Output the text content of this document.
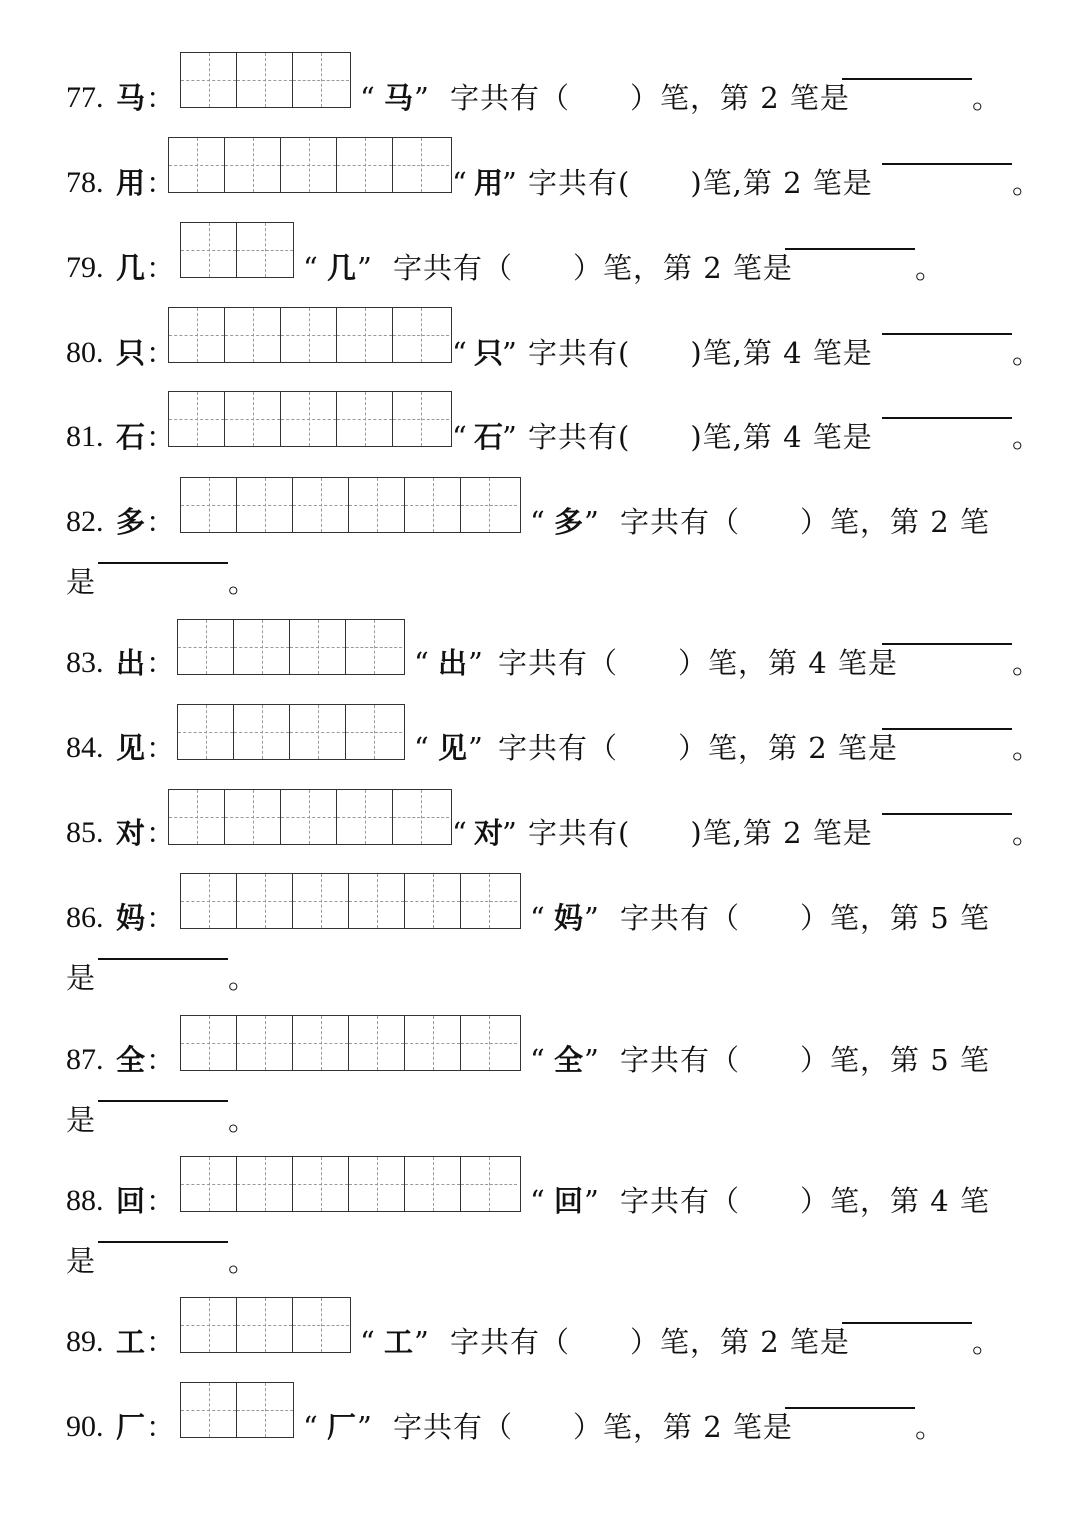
77. 马 ：	“ 马 ” 字共有（　　）笔，第 2 笔是	。
78. 用 ：	“ 用
” 字共有(　　)笔,第 2 笔是	。
79. 几 ：	“ 几 ” 字共有（　　）笔，第 2 笔是	。
80. 只 ：	“ 只
” 字共有(　　)笔,第 4 笔是	。
81. 石 ：	“ 石
” 字共有(　　)笔,第 4 笔是	。
82. 多 ：	“ 多 ” 字共有（　　）笔，第 2 笔
是	。
83. 出 ：	“ 出 ” 字共有（　　）笔，第 4 笔是	。
84. 见 ：	“ 见 ” 字共有（　　）笔，第 2 笔是	。
85. 对 ：	“ 对
” 字共有(　　)笔,第 2 笔是	。
86. 妈 ：	“ 妈 ” 字共有（　　）笔，第 5 笔
是	。
87. 全 ：	“ 全 ” 字共有（　　）笔，第 5 笔
是	。
88. 回 ：	“ 回 ” 字共有（　　）笔，第 4 笔
是	。
89. 工 ：	“ 工 ” 字共有（　　）笔，第 2 笔是	。
90. 厂 ：	“ 厂 ” 字共有（　　）笔，第 2 笔是	。
